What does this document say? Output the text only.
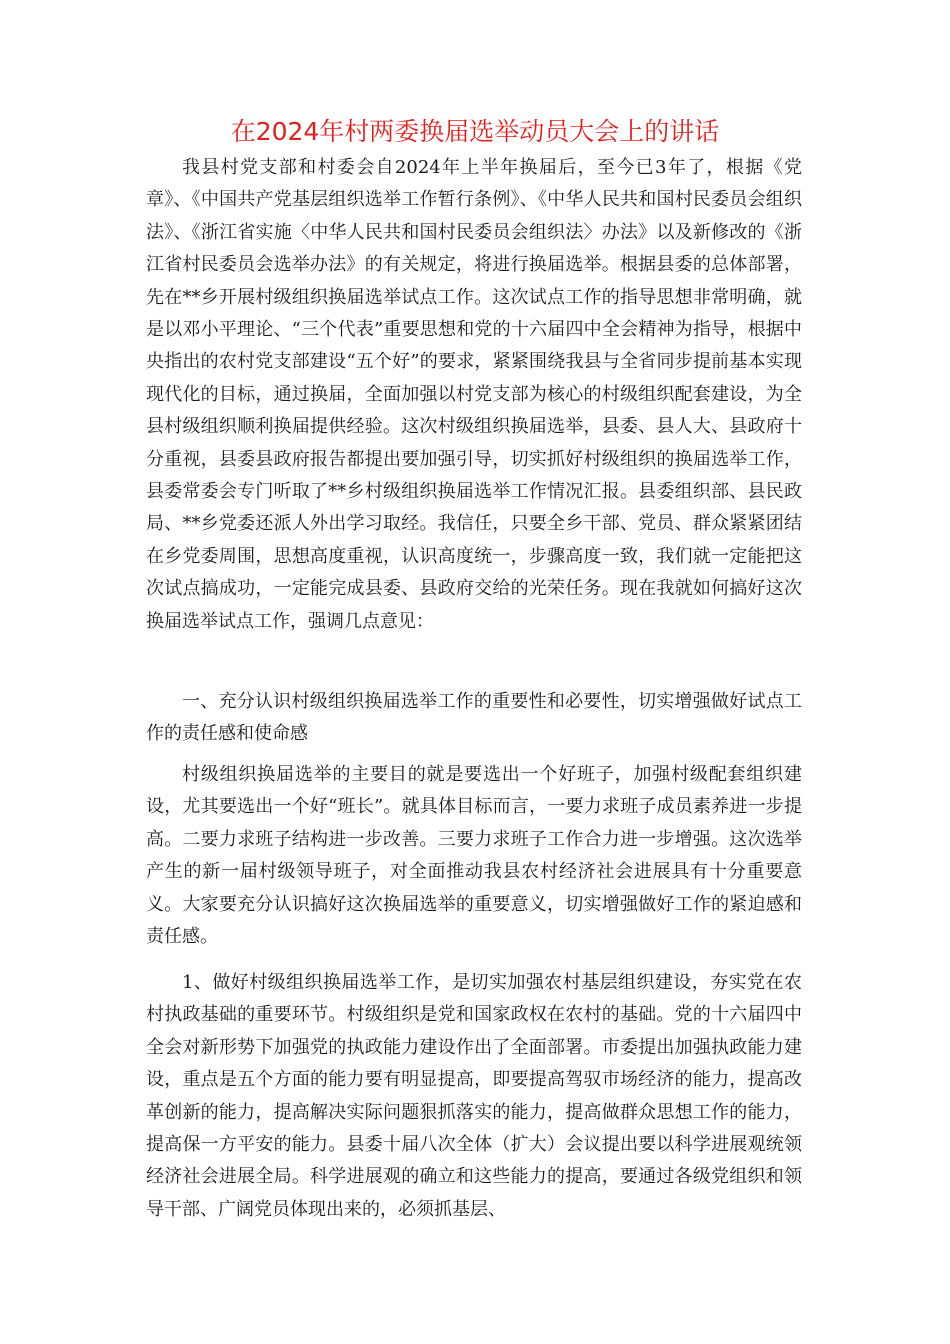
在2024年村两委换届选举动员大会上的讲话

我县村党支部和村委会自2024年上半年换届后，至今已3年了，根据《党章》、《中国共产党基层组织选举工作暂行条例》、《中华人民共和国村民委员会组织法》、《浙江省实施〈中华人民共和国村民委员会组织法〉办法》以及新修改的《浙江省村民委员会选举办法》的有关规定，将进行换届选举。根据县委的总体部署，先在**乡开展村级组织换届选举试点工作。这次试点工作的指导思想非常明确，就是以邓小平理论、“三个代表”重要思想和党的十六届四中全会精神为指导，根据中央指出的农村党支部建设“五个好”的要求，紧紧围绕我县与全省同步提前基本实现现代化的目标，通过换届，全面加强以村党支部为核心的村级组织配套建设，为全县村级组织顺利换届提供经验。这次村级组织换届选举，县委、县人大、县政府十分重视，县委县政府报告都提出要加强引导，切实抓好村级组织的换届选举工作，县委常委会专门听取了**乡村级组织换届选举工作情况汇报。县委组织部、县民政局、**乡党委还派人外出学习取经。我信任，只要全乡干部、党员、群众紧紧团结在乡党委周围，思想高度重视，认识高度统一，步骤高度一致，我们就一定能把这次试点搞成功，一定能完成县委、县政府交给的光荣任务。现在我就如何搞好这次换届选举试点工作，强调几点意见：

一、充分认识村级组织换届选举工作的重要性和必要性，切实增强做好试点工作的责任感和使命感

村级组织换届选举的主要目的就是要选出一个好班子，加强村级配套组织建设，尤其要选出一个好“班长”。就具体目标而言，一要力求班子成员素养进一步提高。二要力求班子结构进一步改善。三要力求班子工作合力进一步增强。这次选举产生的新一届村级领导班子，对全面推动我县农村经济社会进展具有十分重要意义。大家要充分认识搞好这次换届选举的重要意义，切实增强做好工作的紧迫感和责任感。

1、做好村级组织换届选举工作，是切实加强农村基层组织建设，夯实党在农村执政基础的重要环节。村级组织是党和国家政权在农村的基础。党的十六届四中全会对新形势下加强党的执政能力建设作出了全面部署。市委提出加强执政能力建设，重点是五个方面的能力要有明显提高，即要提高驾驭市场经济的能力，提高改革创新的能力，提高解决实际问题狠抓落实的能力，提高做群众思想工作的能力，提高保一方平安的能力。县委十届八次全体（扩大）会议提出要以科学进展观统领经济社会进展全局。科学进展观的确立和这些能力的提高，要通过各级党组织和领导干部、广阔党员体现出来的，必须抓基层、
